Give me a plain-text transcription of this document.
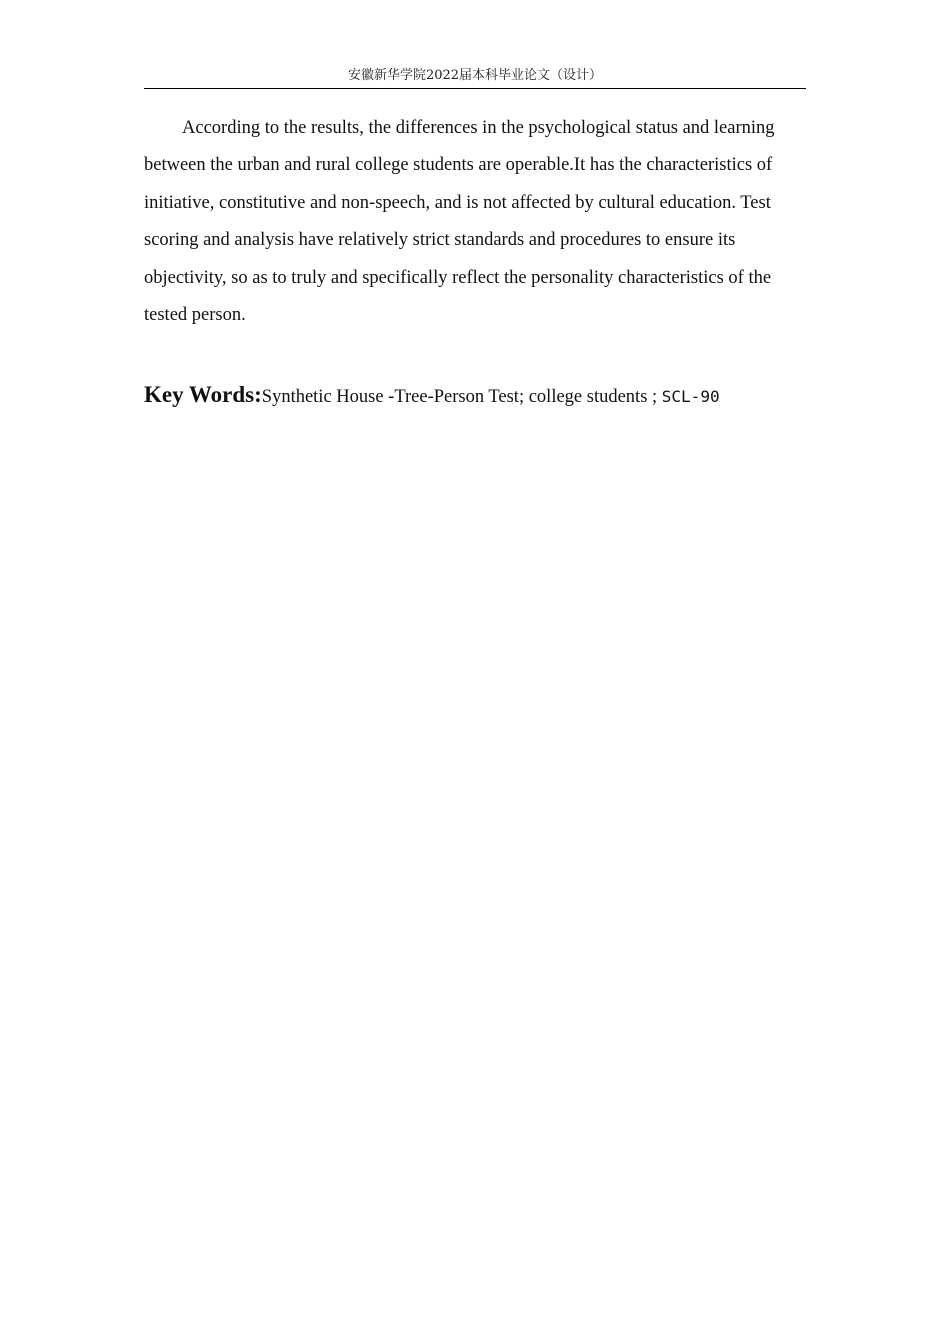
安徽新华学院2022届本科毕业论文（设计）

According to the results, the differences in the psychological status and learning between the urban and rural college students are operable.It has the characteristics of initiative, constitutive and non-speech, and is not affected by cultural education. Test scoring and analysis have relatively strict standards and procedures to ensure its objectivity, so as to truly and specifically reflect the personality characteristics of the tested person.

Key Words:Synthetic House -Tree-Person Test; college students ; SCL-90
